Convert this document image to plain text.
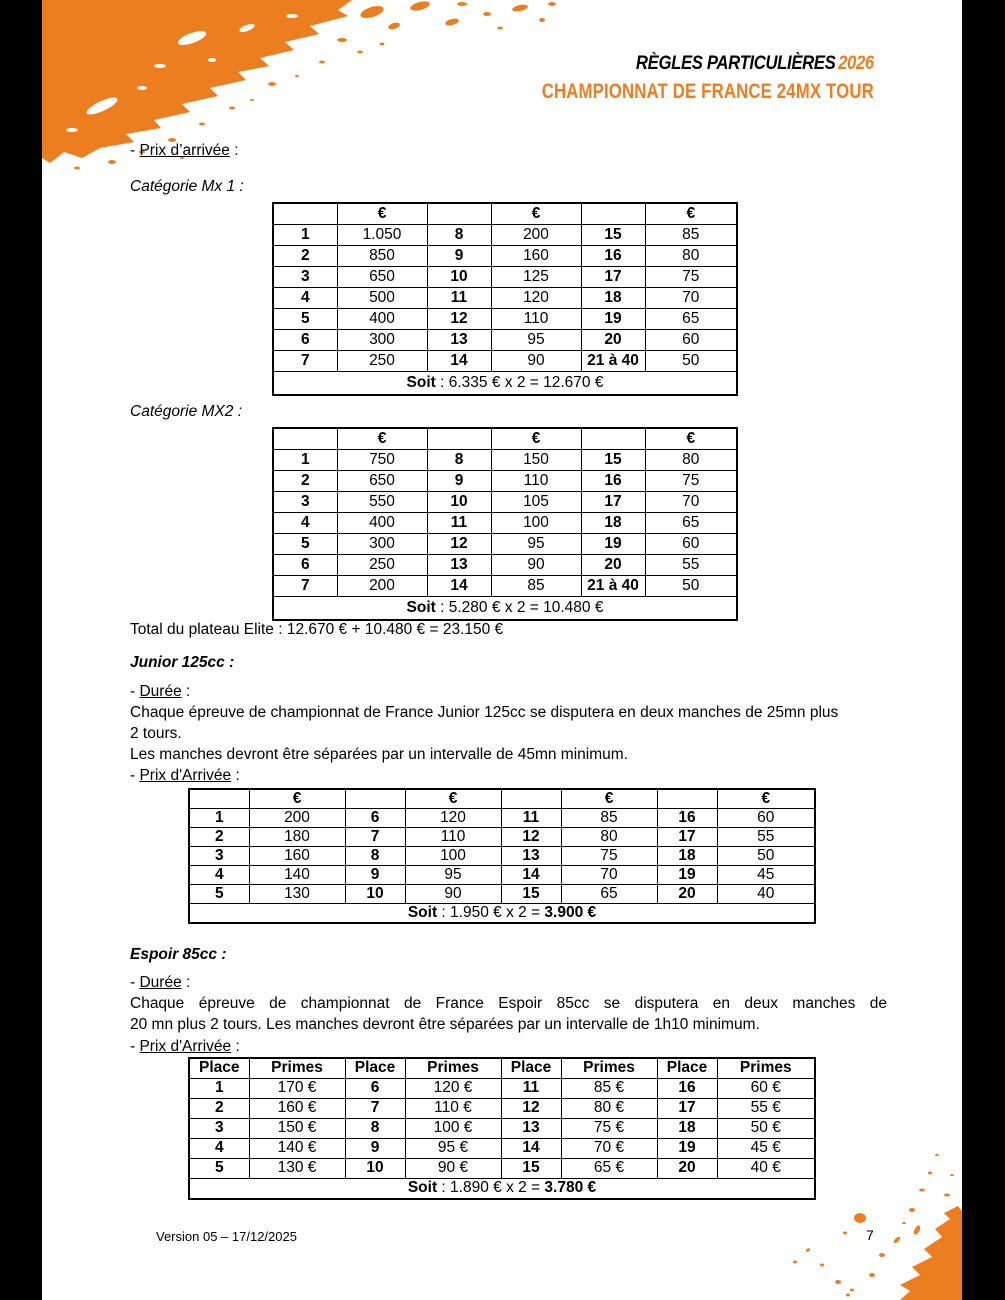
RÈGLES PARTICULIÈRES 2026
CHAMPIONNAT DE FRANCE 24MX TOUR
- Prix d’arrivée :
Catégorie Mx 1 :
	€		€		€
1	1.050	8	200	15	85
2	850	9	160	16	80
3	650	10	125	17	75
4	500	11	120	18	70
5	400	12	110	19	65
6	300	13	95	20	60
7	250	14	90	21 à 40	50
Soit : 6.335 € x 2 = 12.670 €					
Catégorie MX2 :
	€		€		€
1	750	8	150	15	80
2	650	9	110	16	75
3	550	10	105	17	70
4	400	11	100	18	65
5	300	12	95	19	60
6	250	13	90	20	55
7	200	14	85	21 à 40	50
Soit : 5.280 € x 2 = 10.480 €					
Total du plateau Elite : 12.670 € + 10.480 € = 23.150 €
Junior 125cc :
- Durée :
Chaque épreuve de championnat de France Junior 125cc se disputera en deux manches de 25mn plus
2 tours.
Les manches devront être séparées par un intervalle de 45mn minimum.
- Prix d'Arrivée :
	€		€		€		€
1	200	6	120	11	85	16	60
2	180	7	110	12	80	17	55
3	160	8	100	13	75	18	50
4	140	9	95	14	70	19	45
5	130	10	90	15	65	20	40
Soit : 1.950 € x 2 = 3.900 €							
Espoir 85cc :
- Durée :
Chaque épreuve de championnat de France Espoir 85cc se disputera en deux manches de
20 mn plus 2 tours. Les manches devront être séparées par un intervalle de 1h10 minimum.
- Prix d'Arrivée :
Place	Primes	Place	Primes	Place	Primes	Place	Primes
1	170 €	6	120 €	11	85 €	16	60 €
2	160 €	7	110 €	12	80 €	17	55 €
3	150 €	8	100 €	13	75 €	18	50 €
4	140 €	9	95 €	14	70 €	19	45 €
5	130 €	10	90 €	15	65 €	20	40 €
Soit : 1.890 € x 2 = 3.780 €							
Version 05 – 17/12/2025	7
